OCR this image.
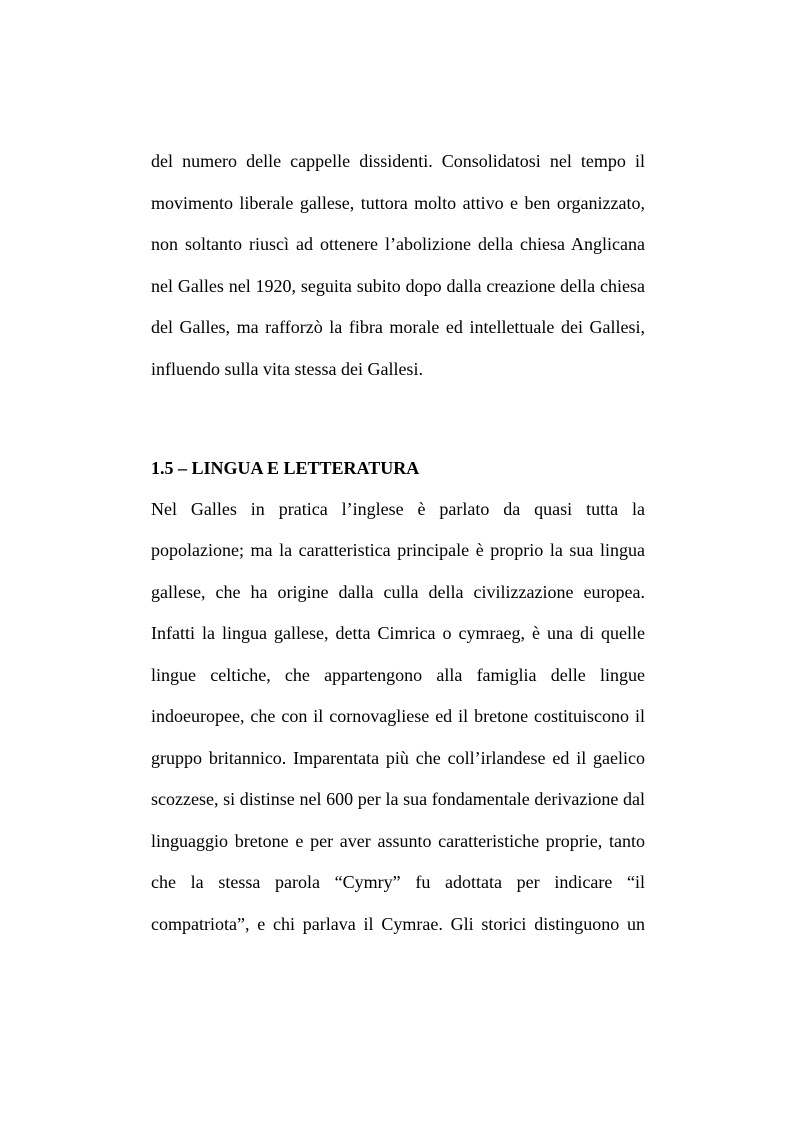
del numero delle cappelle dissidenti. Consolidatosi nel tempo il
movimento liberale gallese, tuttora molto attivo e ben organizzato,
non soltanto riuscì ad ottenere l’abolizione della chiesa Anglicana
nel Galles nel 1920, seguita subito dopo dalla creazione della chiesa
del Galles, ma rafforzò la fibra morale ed intellettuale dei Gallesi,
influendo sulla vita stessa dei Gallesi.
1.5 – LINGUA E LETTERATURA
Nel Galles in pratica l’inglese è parlato da quasi tutta la
popolazione; ma la caratteristica principale è proprio la sua lingua
gallese, che ha origine dalla culla della civilizzazione europea.
Infatti la lingua gallese, detta Cimrica o cymraeg, è una di quelle
lingue celtiche, che appartengono alla famiglia delle lingue
indoeuropee, che con il cornovagliese ed il bretone costituiscono il
gruppo britannico. Imparentata più che coll’irlandese ed il gaelico
scozzese, si distinse nel 600 per la sua fondamentale derivazione dal
linguaggio bretone e per aver assunto caratteristiche proprie, tanto
che la stessa parola “Cymry” fu adottata per indicare “il
compatriota”, e chi parlava il Cymrae. Gli storici distinguono un
